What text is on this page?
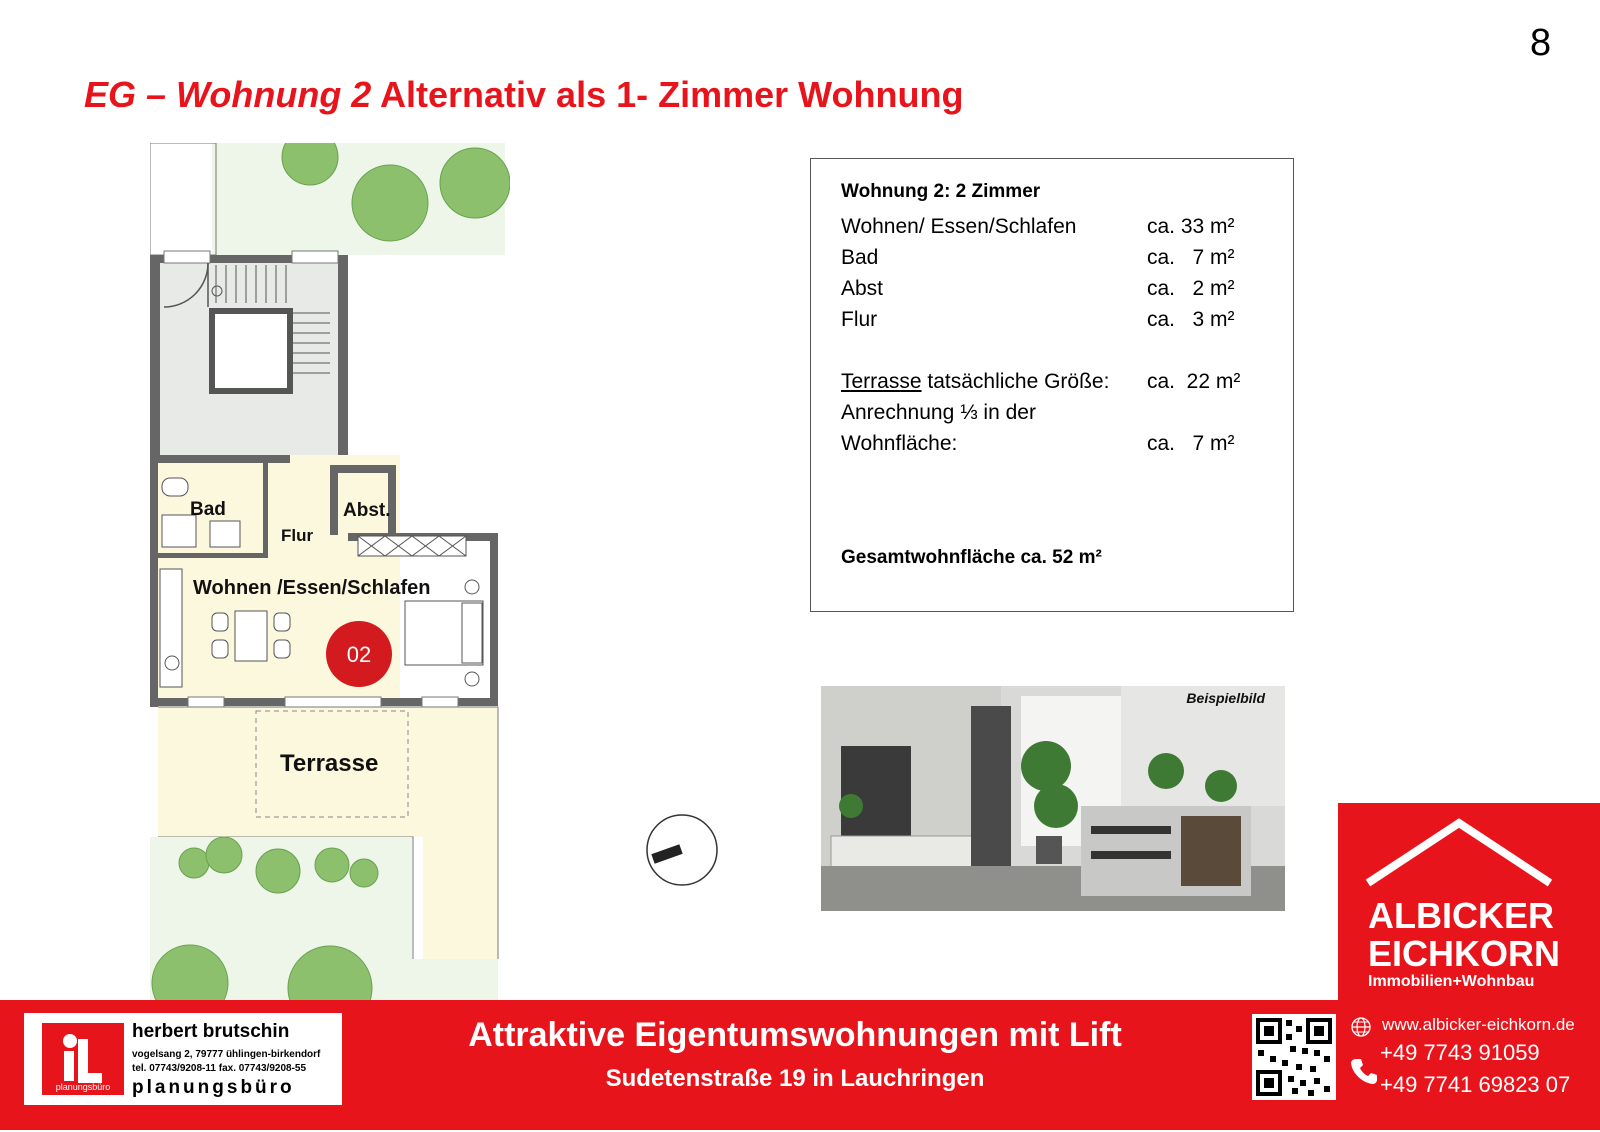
8
EG – Wohnung 2 Alternativ als 1- Zimmer Wohnung
Bad
Flur
Abst.
Wohnen /Essen/Schlafen
02
Terrasse
Wohnung 2: 2 Zimmer
Wohnen/ Essen/Schlafen	ca. 33 m²
Bad	ca.   7 m²
Abst	ca.   2 m²
Flur	ca.   3 m²
Terrasse tatsächliche Größe: ca.  22 m²
Anrechnung ⅓ in der
Wohnfläche:	ca.   7 m²
Gesamtwohnfläche ca. 52 m²
Beispielbild
ALBICKER
EICHKORN
Immobilien+Wohnbau
planungsbüro
herbert brutschin
vogelsang 2, 79777 ühlingen-birkendorf
tel. 07743/9208-11 fax. 07743/9208-55
planungsbüro
Attraktive Eigentumswohnungen mit Lift
Sudetenstraße 19 in Lauchringen
www.albicker-eichkorn.de
+49 7743 91059
+49 7741 69823 07
